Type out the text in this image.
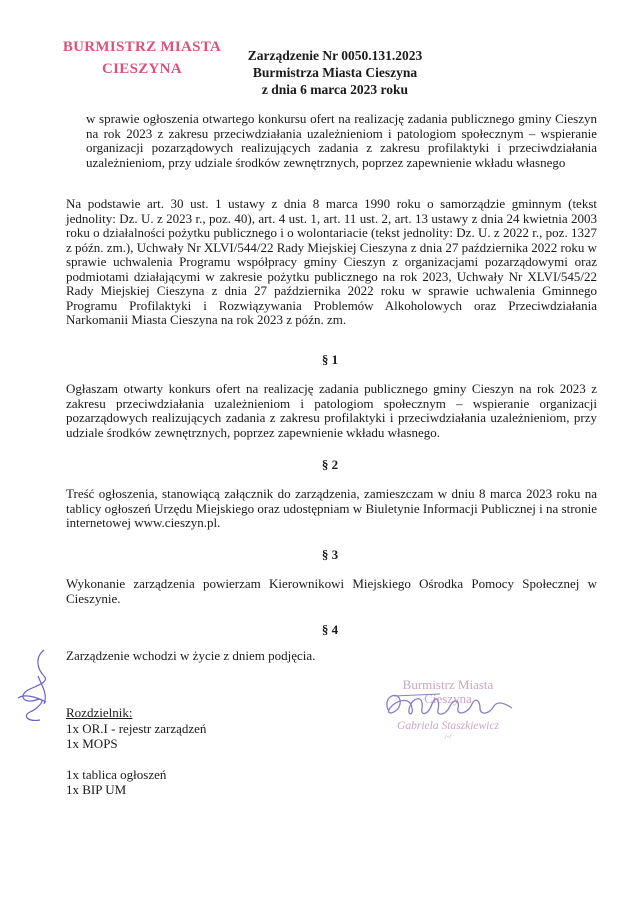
BURMISTRZ MIASTA
CIESZYNA
Zarządzenie Nr 0050.131.2023
Burmistrza Miasta Cieszyna
z dnia 6 marca 2023 roku
w sprawie ogłoszenia otwartego konkursu ofert na realizację zadania publicznego gminy Cieszyn na rok 2023 z zakresu przeciwdziałania uzależnieniom i patologiom społecznym – wspieranie organizacji pozarządowych realizujących zadania z zakresu profilaktyki i przeciwdziałania uzależnieniom, przy udziale środków zewnętrznych, poprzez zapewnienie wkładu własnego
Na podstawie art. 30 ust. 1 ustawy z dnia 8 marca 1990 roku o samorządzie gminnym (tekst jednolity: Dz. U. z 2023 r., poz. 40), art. 4 ust. 1, art. 11 ust. 2, art. 13 ustawy z dnia 24 kwietnia 2003 roku o działalności pożytku publicznego i o wolontariacie (tekst jednolity: Dz. U. z 2022 r., poz. 1327 z późn. zm.), Uchwały Nr XLVI/544/22 Rady Miejskiej Cieszyna z dnia 27 października 2022 roku w sprawie uchwalenia Programu współpracy gminy Cieszyn z organizacjami pozarządowymi oraz podmiotami działającymi w zakresie pożytku publicznego na rok 2023, Uchwały Nr XLVI/545/22 Rady Miejskiej Cieszyna z dnia 27 października 2022 roku w sprawie uchwalenia Gminnego Programu Profilaktyki i Rozwiązywania Problemów Alkoholowych oraz Przeciwdziałania Narkomanii Miasta Cieszyna na rok 2023 z późn. zm.
§ 1
Ogłaszam otwarty konkurs ofert na realizację zadania publicznego gminy Cieszyn na rok 2023 z zakresu przeciwdziałania uzależnieniom i patologiom społecznym – wspieranie organizacji pozarządowych realizujących zadania z zakresu profilaktyki i przeciwdziałania uzależnieniom, przy udziale środków zewnętrznych, poprzez zapewnienie wkładu własnego.
§ 2
Treść ogłoszenia, stanowiącą załącznik do zarządzenia, zamieszczam w dniu 8 marca 2023 roku na tablicy ogłoszeń Urzędu Miejskiego oraz udostępniam w Biuletynie Informacji Publicznej i na stronie internetowej www.cieszyn.pl.
§ 3
Wykonanie zarządzenia powierzam Kierownikowi Miejskiego Ośrodka Pomocy Społecznej w Cieszynie.
§ 4
Zarządzenie wchodzi w życie z dniem podjęcia.
Rozdzielnik:
1x OR.I - rejestr zarządzeń
1x MOPS
1x tablica ogłoszeń
1x BIP UM
Burmistrz Miasta
Cieszyna
Gabriela Staszkiewicz
/-/
